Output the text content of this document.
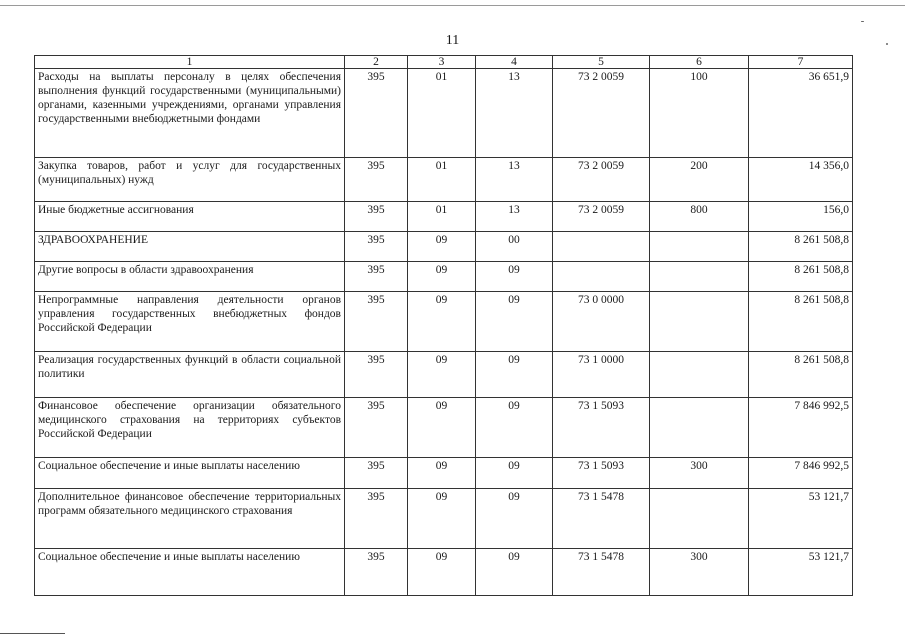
11
1	2	3	4	5	6	7
Расходы на выплаты персоналу в целях обеспечения выполнения функций государственными (муниципальными) органами, казенными учреждениями, органами управления государственными внебюджетными фондами	395	01	13	73 2 0059	100	36 651,9
Закупка товаров, работ и услуг для государственных (муниципальных) нужд	395	01	13	73 2 0059	200	14 356,0
Иные бюджетные ассигнования	395	01	13	73 2 0059	800	156,0
ЗДРАВООХРАНЕНИЕ	395	09	00			8 261 508,8
Другие вопросы в области здравоохранения	395	09	09			8 261 508,8
Непрограммные направления деятельности органов управления государственных внебюджетных фондов Российской Федерации	395	09	09	73 0 0000		8 261 508,8
Реализация государственных функций в области социальной политики	395	09	09	73 1 0000		8 261 508,8
Финансовое обеспечение организации обязательного медицинского страхования на территориях субъектов Российской Федерации	395	09	09	73 1 5093		7 846 992,5
Социальное обеспечение и иные выплаты населению	395	09	09	73 1 5093	300	7 846 992,5
Дополнительное финансовое обеспечение территориальных программ обязательного медицинского страхования	395	09	09	73 1 5478		53 121,7
Социальное обеспечение и иные выплаты населению	395	09	09	73 1 5478	300	53 121,7
